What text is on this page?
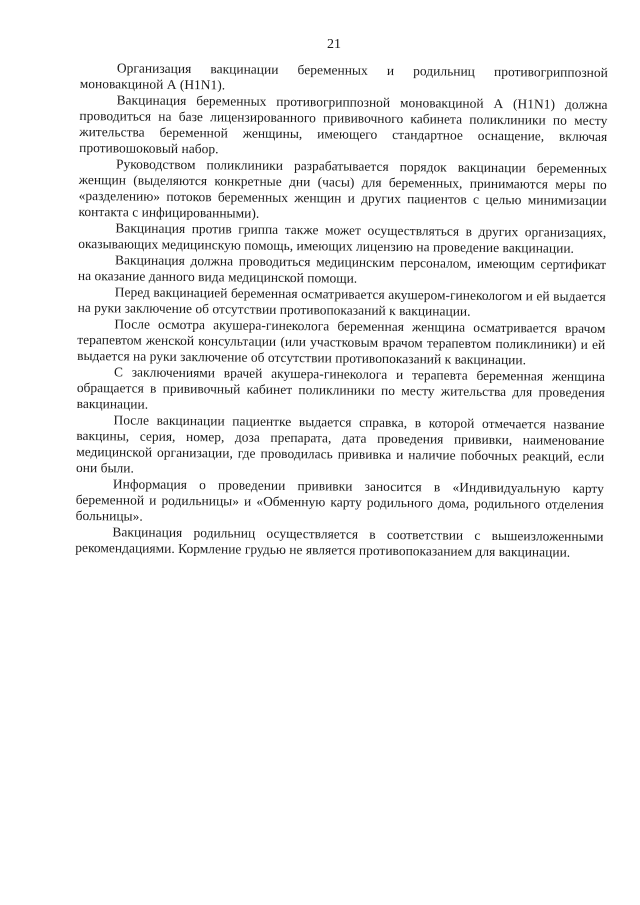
21

Организация вакцинации беременных и родильниц противогриппозной моновакциной А (H1N1).

Вакцинация беременных противогриппозной моновакциной А (H1N1) должна проводиться на базе лицензированного прививочного кабинета поликлиники по месту жительства беременной женщины, имеющего стандартное оснащение, включая противошоковый набор.

Руководством поликлиники разрабатывается порядок вакцинации беременных женщин (выделяются конкретные дни (часы) для беременных, принимаются меры по «разделению» потоков беременных женщин и других пациентов с целью минимизации контакта с инфицированными).

Вакцинация против гриппа также может осуществляться в других организациях, оказывающих медицинскую помощь, имеющих лицензию на проведение вакцинации.

Вакцинация должна проводиться медицинским персоналом, имеющим сертификат на оказание данного вида медицинской помощи.

Перед вакцинацией беременная осматривается акушером-гинекологом и ей выдается на руки заключение об отсутствии противопоказаний к вакцинации.

После осмотра акушера-гинеколога беременная женщина осматривается врачом терапевтом женской консультации (или участковым врачом терапевтом поликлиники) и ей выдается на руки заключение об отсутствии противопоказаний к вакцинации.

С заключениями врачей акушера-гинеколога и терапевта беременная женщина обращается в прививочный кабинет поликлиники по месту жительства для проведения вакцинации.

После вакцинации пациентке выдается справка, в которой отмечается название вакцины, серия, номер, доза препарата, дата проведения прививки, наименование медицинской организации, где проводилась прививка и наличие побочных реакций, если они были.

Информация о проведении прививки заносится в «Индивидуальную карту беременной и родильницы» и «Обменную карту родильного дома, родильного отделения больницы».

Вакцинация родильниц осуществляется в соответствии с вышеизложенными рекомендациями. Кормление грудью не является противопоказанием для вакцинации.
